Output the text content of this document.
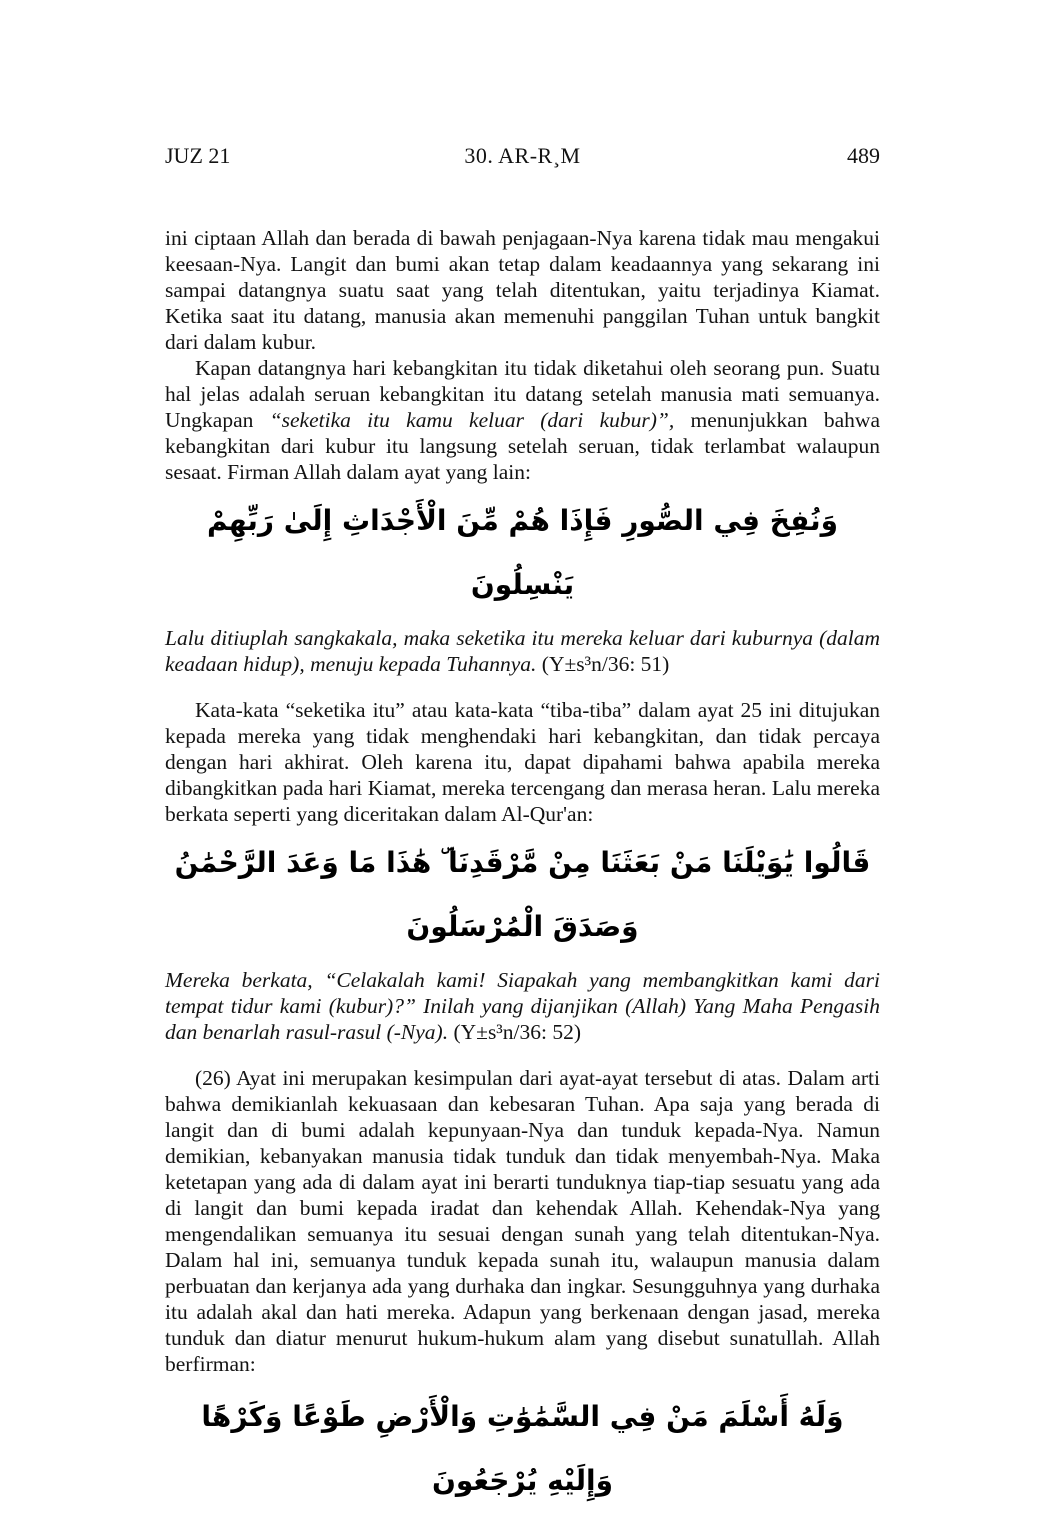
JUZ 21	30. AR-R¸M	489

ini ciptaan Allah dan berada di bawah penjagaan-Nya karena tidak mau mengakui keesaan-Nya. Langit dan bumi akan tetap dalam keadaannya yang sekarang ini sampai datangnya suatu saat yang telah ditentukan, yaitu terjadinya Kiamat. Ketika saat itu datang, manusia akan memenuhi panggilan Tuhan untuk bangkit dari dalam kubur.

Kapan datangnya hari kebangkitan itu tidak diketahui oleh seorang pun. Suatu hal jelas adalah seruan kebangkitan itu datang setelah manusia mati semuanya. Ungkapan “seketika itu kamu keluar (dari kubur)”, menunjukkan bahwa kebangkitan dari kubur itu langsung setelah seruan, tidak terlambat walaupun sesaat. Firman Allah dalam ayat yang lain:

وَنُفِخَ فِي الصُّورِ فَإِذَا هُمْ مِّنَ الْأَجْدَاثِ إِلَىٰ رَبِّهِمْ يَنْسِلُونَ

Lalu ditiuplah sangkakala, maka seketika itu mereka keluar dari kuburnya (dalam keadaan hidup), menuju kepada Tuhannya. (Y±s³n/36: 51)

Kata-kata “seketika itu” atau kata-kata “tiba-tiba” dalam ayat 25 ini ditujukan kepada mereka yang tidak menghendaki hari kebangkitan, dan tidak percaya dengan hari akhirat. Oleh karena itu, dapat dipahami bahwa apabila mereka dibangkitkan pada hari Kiamat, mereka tercengang dan merasa heran. Lalu mereka berkata seperti yang diceritakan dalam Al-Qur'an:

قَالُوا يَٰوَيْلَنَا مَنْ بَعَثَنَا مِنْ مَّرْقَدِنَا ۜ هَٰذَا مَا وَعَدَ الرَّحْمَٰنُ وَصَدَقَ الْمُرْسَلُونَ

Mereka berkata, “Celakalah kami! Siapakah yang membangkitkan kami dari tempat tidur kami (kubur)?” Inilah yang dijanjikan (Allah) Yang Maha Pengasih dan benarlah rasul-rasul (-Nya). (Y±s³n/36: 52)

(26) Ayat ini merupakan kesimpulan dari ayat-ayat tersebut di atas. Dalam arti bahwa demikianlah kekuasaan dan kebesaran Tuhan. Apa saja yang berada di langit dan di bumi adalah kepunyaan-Nya dan tunduk kepada-Nya. Namun demikian, kebanyakan manusia tidak tunduk dan tidak menyembah-Nya. Maka ketetapan yang ada di dalam ayat ini berarti tunduknya tiap-tiap sesuatu yang ada di langit dan bumi kepada iradat dan kehendak Allah. Kehendak-Nya yang mengendalikan semuanya itu sesuai dengan sunah yang telah ditentukan-Nya. Dalam hal ini, semuanya tunduk kepada sunah itu, walaupun manusia dalam perbuatan dan kerjanya ada yang durhaka dan ingkar. Sesungguhnya yang durhaka itu adalah akal dan hati mereka. Adapun yang berkenaan dengan jasad, mereka tunduk dan diatur menurut hukum-hukum alam yang disebut sunatullah. Allah berfirman:

وَلَهُ أَسْلَمَ مَنْ فِي السَّمَٰوَٰتِ وَالْأَرْضِ طَوْعًا وَكَرْهًا وَإِلَيْهِ يُرْجَعُونَ
